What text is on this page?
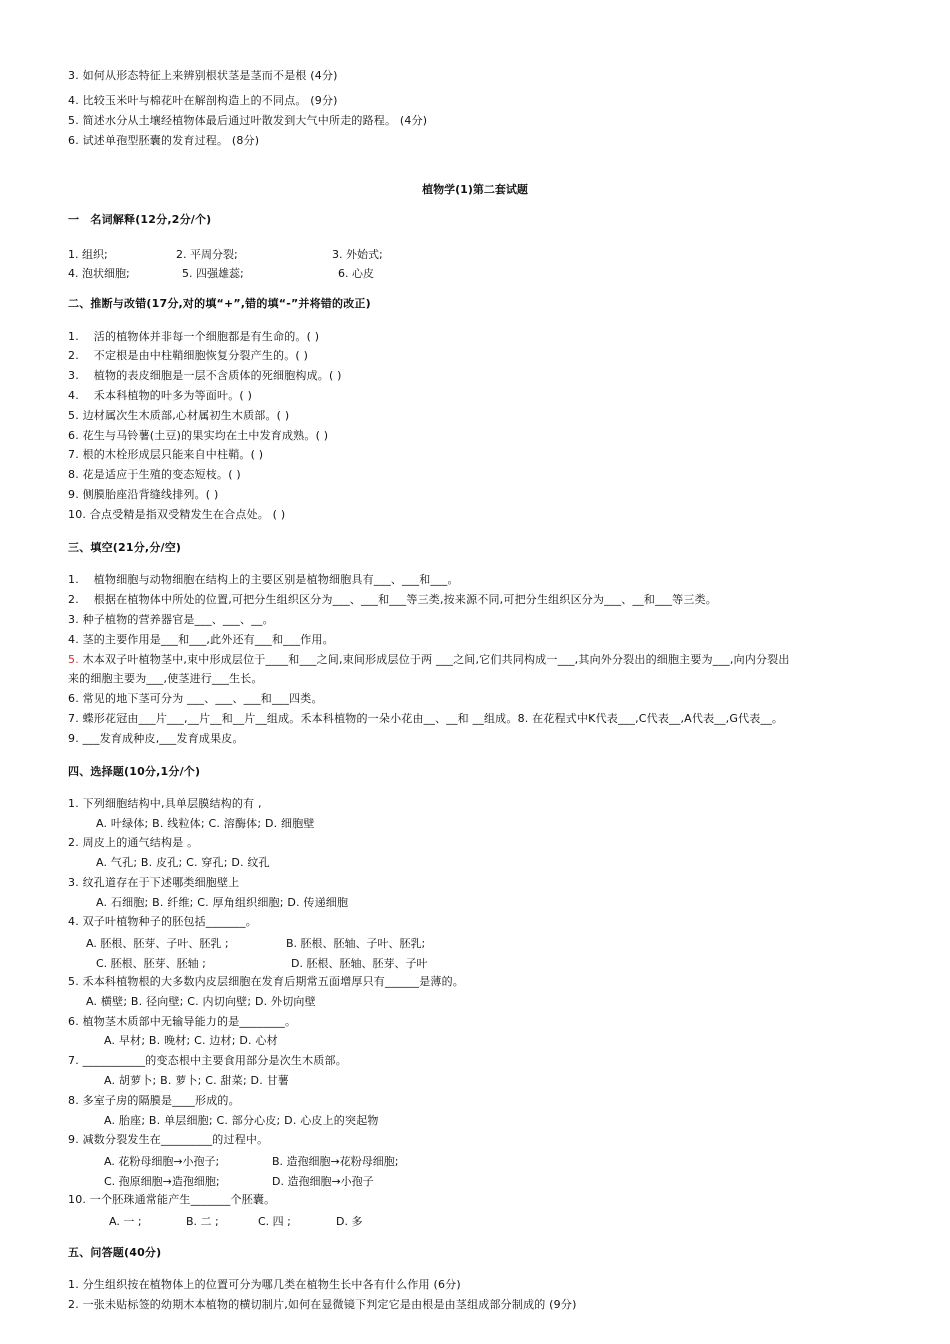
3. 如何从形态特征上来辨别根状茎是茎而不是根 (4分)
4. 比较玉米叶与棉花叶在解剖构造上的不同点。 (9分)
5. 简述水分从土壤经植物体最后通过叶散发到大气中所走的路程。 (4分)
6. 试述单孢型胚囊的发育过程。 (8分)
植物学(1)第二套试题
一　名词解释(12分,2分/个)
1. 组织;	2. 平周分裂;	3. 外始式;
4. 泡状细胞;	5. 四强雄蕊;	6. 心皮
二、推断与改错(17分,对的填“+”,错的填“-”并将错的改正)
1.　 活的植物体并非每一个细胞都是有生命的。( )
2.　 不定根是由中柱鞘细胞恢复分裂产生的。( )
3.　 植物的表皮细胞是一层不含质体的死细胞构成。( )
4.　 禾本科植物的叶多为等面叶。( )
5. 边材属次生木质部,心材属初生木质部。( )
6. 花生与马铃薯(土豆)的果实均在土中发育成熟。( )
7. 根的木栓形成层只能来自中柱鞘。( )
8. 花是适应于生殖的变态短枝。( )
9. 侧膜胎座沿背缝线排列。( )
10. 合点受精是指双受精发生在合点处。 ( )
三、填空(21分,分/空)
1.　 植物细胞与动物细胞在结构上的主要区别是植物细胞具有___、___和___。
2.　 根据在植物体中所处的位置,可把分生组织区分为___、___和___等三类,按来源不同,可把分生组织区分为___、__和___等三类。
3. 种子植物的营养器官是___、___、__。
4. 茎的主要作用是___和___,此外还有___和___作用。
5. 木本双子叶植物茎中,束中形成层位于____和___之间,束间形成层位于两 ___之间,它们共同构成一___,其向外分裂出的细胞主要为___,向内分裂出
来的细胞主要为___,使茎进行___生长。
6. 常见的地下茎可分为 ___、___、___和___四类。
7. 蝶形花冠由___片___,__片__和__片__组成。禾本科植物的一朵小花由__、__和 __组成。8. 在花程式中K代表___,C代表__,A代表__,G代表__。
9. ___发育成种皮,___发育成果皮。
四、选择题(10分,1分/个)
1. 下列细胞结构中,具单层膜结构的有 ,
A. 叶绿体; B. 线粒体; C. 溶酶体; D. 细胞壁
2. 周皮上的通气结构是 。
A. 气孔; B. 皮孔; C. 穿孔; D. 纹孔
3. 纹孔道存在于下述哪类细胞壁上
A. 石细胞; B. 纤维; C. 厚角组织细胞; D. 传递细胞
4. 双子叶植物种子的胚包括_______。
A. 胚根、胚芽、子叶、胚乳 ;	B. 胚根、胚轴、子叶、胚乳;
C. 胚根、胚芽、胚轴 ;	D. 胚根、胚轴、胚芽、子叶
5. 禾本科植物根的大多数内皮层细胞在发育后期常五面增厚只有______是薄的。
A. 横壁; B. 径向壁; C. 内切向壁; D. 外切向壁
6. 植物茎木质部中无输导能力的是________。
A. 早材; B. 晚材; C. 边材; D. 心材
7. ___________的变态根中主要食用部分是次生木质部。
A. 胡萝卜; B. 萝卜; C. 甜菜; D. 甘薯
8. 多室子房的隔膜是____形成的。
A. 胎座; B. 单层细胞; C. 部分心皮; D. 心皮上的突起物
9. 减数分裂发生在_________的过程中。
A. 花粉母细胞→小孢子;	B. 造孢细胞→花粉母细胞;
C. 孢原细胞→造孢细胞;	D. 造孢细胞→小孢子
10. 一个胚珠通常能产生_______个胚囊。
A. 一 ;	B. 二 ;	C. 四 ;	D. 多
五、问答题(40分)
1. 分生组织按在植物体上的位置可分为哪几类在植物生长中各有什么作用 (6分)
2. 一张未贴标签的幼期木本植物的横切制片,如何在显微镜下判定它是由根是由茎组成部分制成的 (9分)
